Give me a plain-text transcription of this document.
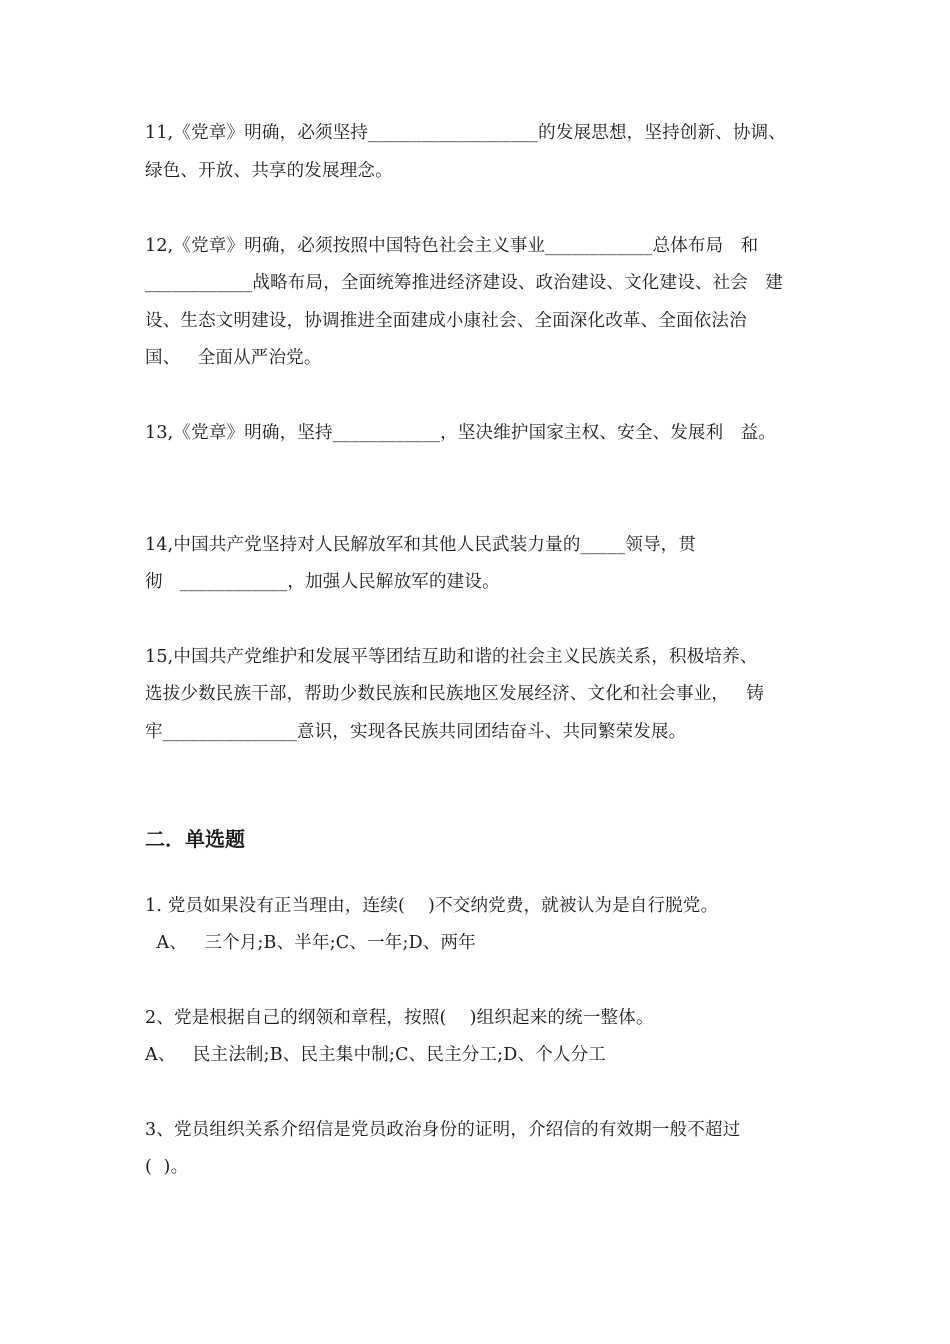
11,《党章》明确，必须坚持___________________的发展思想，坚持创新、协调、
绿色、开放、共享的发展理念。
12,《党章》明确，必须按照中国特色社会主义事业____________总体布局   和
____________战略布局，全面统筹推进经济建设、政治建设、文化建设、社会   建
设、生态文明建设，协调推进全面建成小康社会、全面深化改革、全面依法治
国、   全面从严治党。
13,《党章》明确，坚持____________，坚决维护国家主权、安全、发展利   益。
14,中国共产党坚持对人民解放军和其他人民武装力量的_____领导，贯
彻   ____________，加强人民解放军的建设。
15,中国共产党维护和发展平等团结互助和谐的社会主义民族关系，积极培养、
选拔少数民族干部，帮助少数民族和民族地区发展经济、文化和社会事业，   铸
牢_______________意识，实现各民族共同团结奋斗、共同繁荣发展。
二．单选题
1. 党员如果没有正当理由，连续(    )不交纳党费，就被认为是自行脱党。
A、   三个月;B、半年;C、一年;D、两年
2、党是根据自己的纲领和章程，按照(    )组织起来的统一整体。
A、   民主法制;B、民主集中制;C、民主分工;D、个人分工
3、党员组织关系介绍信是党员政治身份的证明，介绍信的有效期一般不超过
(  )。
